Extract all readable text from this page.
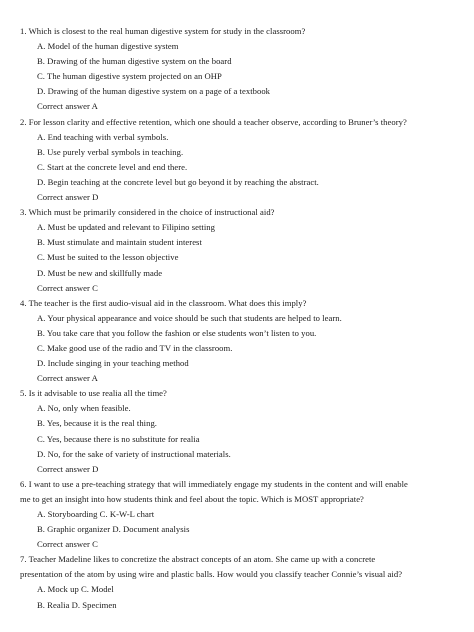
1. Which is closest to the real human digestive system for study in the classroom?
A. Model of the human digestive system
B. Drawing of the human digestive system on the board
C. The human digestive system projected on an OHP
D. Drawing of the human digestive system on a page of a textbook
Correct answer A
2. For lesson clarity and effective retention, which one should a teacher observe, according to Bruner’s theory?
A. End teaching with verbal symbols.
B. Use purely verbal symbols in teaching.
C. Start at the concrete level and end there.
D. Begin teaching at the concrete level but go beyond it by reaching the abstract.
Correct answer D
3. Which must be primarily considered in the choice of instructional aid?
A. Must be updated and relevant to Filipino setting
B. Must stimulate and maintain student interest
C. Must be suited to the lesson objective
D. Must be new and skillfully made
Correct answer C
4. The teacher is the first audio-visual aid in the classroom. What does this imply?
A. Your physical appearance and voice should be such that students are helped to learn.
B. You take care that you follow the fashion or else students won’t listen to you.
C. Make good use of the radio and TV in the classroom.
D. Include singing in your teaching method
Correct answer A
5. Is it advisable to use realia all the time?
A. No, only when feasible.
B. Yes, because it is the real thing.
C. Yes, because there is no substitute for realia
D. No, for the sake of variety of instructional materials.
Correct answer D
6. I want to use a pre-teaching strategy that will immediately engage my students in the content and will enable
me to get an insight into how students think and feel about the topic. Which is MOST appropriate?
A. Storyboarding C. K-W-L chart
B. Graphic organizer D. Document analysis
Correct answer C
7. Teacher Madeline likes to concretize the abstract concepts of an atom. She came up with a concrete
presentation of the atom by using wire and plastic balls. How would you classify teacher Connie’s visual aid?
A. Mock up C. Model
B. Realia D. Specimen
